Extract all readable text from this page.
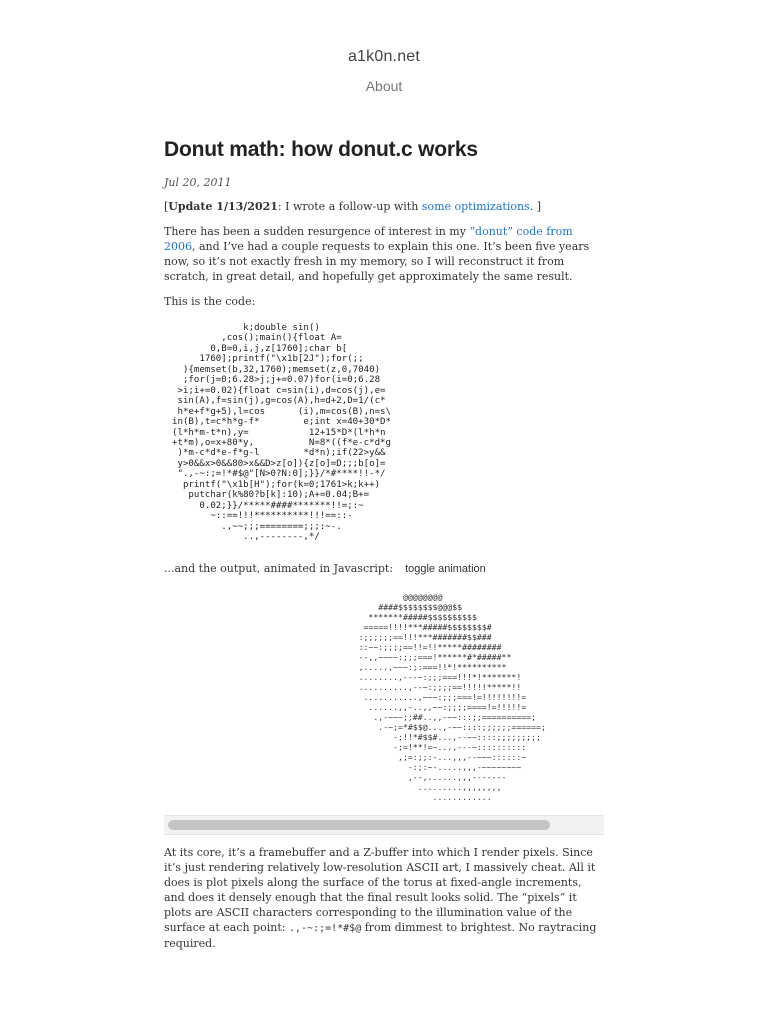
a1k0n.net
About
Donut math: how donut.c works
Jul 20, 2011

[Update 1/13/2021: I wrote a follow-up with some optimizations. ]

There has been a sudden resurgence of interest in my “donut” code from 2006, and I’ve had a couple requests to explain this one. It’s been five years now, so it’s not exactly fresh in my memory, so I will reconstruct it from scratch, in great detail, and hopefully get approximately the same result.

This is the code:

k;double sin()
,cos();main(){float A=
0,B=0,i,j,z[1760];char b[
1760];printf("\x1b[2J");for(;;
){memset(b,32,1760);memset(z,0,7040)
;for(j=0;6.28>j;j+=0.07)for(i=0;6.28
>i;i+=0.02){float c=sin(i),d=cos(j),e=
sin(A),f=sin(j),g=cos(A),h=d+2,D=1/(c*
h*e+f*g+5),l=cos      (i),m=cos(B),n=s\
in(B),t=c*h*g-f*        e;int x=40+30*D*
(l*h*m-t*n),y=           12+15*D*(l*h*n
+t*m),o=x+80*y,          N=8*((f*e-c*d*g
)*m-c*d*e-f*g-l        *d*n);if(22>y&&
y>0&&x>0&&80>x&&D>z[o]){z[o]=D;;;b[o]=
".,-~:;=!*#$@"[N>0?N:0];}}/*#****!!-*/
printf("\x1b[H");for(k=0;1761>k;k++)
putchar(k%80?b[k]:10);A+=0.04;B+=
0.02;}}/*****####*******!!=;:~
~::==!!!**********!!!==::-
.,~~;;;========;;;:~-.
..,--------,*/

...and the output, animated in Javascript: toggle animation

@@@@@@@@
####$$$$$$$$@@@$$
*******#####$$$$$$$$$$
=====!!!!***#####$$$$$$$$#
:;;;;;;==!!!***#######$$###
::~~:;;;;==!!=!!*****########
--,,~~~~:;;;===!******#*#####**
,.....,~~~:;:===!!*!**********
........,---~:;;;===!!!*!*******!
..........,--~:;;;;==!!!!!*****!!
...........,~~~:;;;===!=!!!!!!!!=
......,,-..,,~~:;;;;====!=!!!!!=
.,-~~~;;##..,,-~~:::;;==========;
.-~;=*#$$@...,-~~::::;;;;;;======;
-;!!*#$$#...,--~~::::;;;;;;;;;
-;=!**!=~...,---~::::::::::
,;=:;;:-...,,,--~~~::::::~
-:;:~-.....,,,-~~~~~~~~
,--,......,,,-------
.........,,,,,,,,
............

At its core, it’s a framebuffer and a Z-buffer into which I render pixels. Since it’s just rendering relatively low-resolution ASCII art, I massively cheat. All it does is plot pixels along the surface of the torus at fixed-angle increments, and does it densely enough that the final result looks solid. The “pixels” it plots are ASCII characters corresponding to the illumination value of the surface at each point: .,-~:;=!*#$@ from dimmest to brightest. No raytracing required.
